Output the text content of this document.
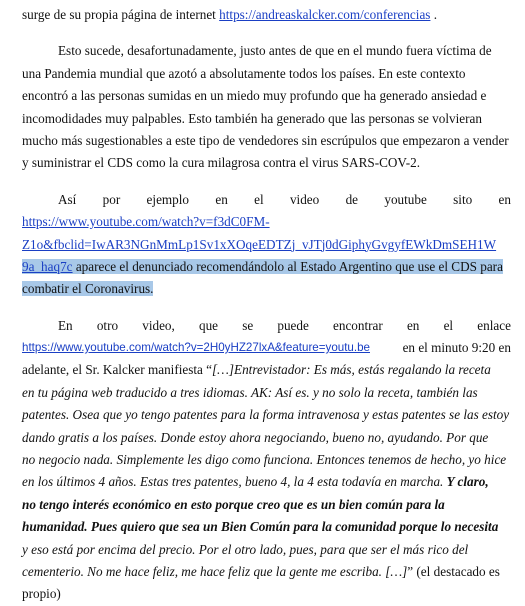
surge de su propia página de internet https://andreaskalcker.com/conferencias .
Esto sucede, desafortunadamente, justo antes de que en el mundo fuera víctima de
una Pandemia mundial que azotó a absolutamente todos los países. En este contexto
encontró a las personas sumidas en un miedo muy profundo que ha generado ansiedad e
incomodidades muy palpables. Esto también ha generado que las personas se volvieran
mucho más sugestionables a este tipo de vendedores sin escrúpulos que empezaron a vender
y suministrar el CDS como la cura milagrosa contra el virus SARS-COV-2.
Así por ejemplo en el video de youtube sito en
https://www.youtube.com/watch?v=f3dC0FM-
Z1o&fbclid=IwAR3NGnMmLp1Sv1xXOqeEDTZj_vJTj0dGiphyGvgyfEWkDmSEH1W
9a_haq7c aparece el denunciado recomendándolo al Estado Argentino que use el CDS para
combatir el Coronavirus.
En otro video, que se puede encontrar en el enlace
https://www.youtube.com/watch?v=2H0yHZ27lxA&feature=youtu.be en el minuto 9:20 en
adelante, el Sr. Kalcker manifiesta “[…]Entrevistador: Es más, estás regalando la receta
en tu página web traducido a tres idiomas. AK: Así es. y no solo la receta, también las
patentes. Osea que yo tengo patentes para la forma intravenosa y estas patentes se las estoy
dando gratis a los países. Donde estoy ahora negociando, bueno no, ayudando. Por que
no negocio nada. Simplemente les digo como funciona. Entonces tenemos de hecho, yo hice
en los últimos 4 años. Estas tres patentes, bueno 4, la 4 esta todavía en marcha. Y claro,
no tengo interés económico en esto porque creo que es un bien común para la
humanidad. Pues quiero que sea un Bien Común para la comunidad porque lo necesita
y eso está por encima del precio. Por el otro lado, pues, para que ser el más rico del
cementerio. No me hace feliz, me hace feliz que la gente me escriba. […]” (el destacado es
propio)
